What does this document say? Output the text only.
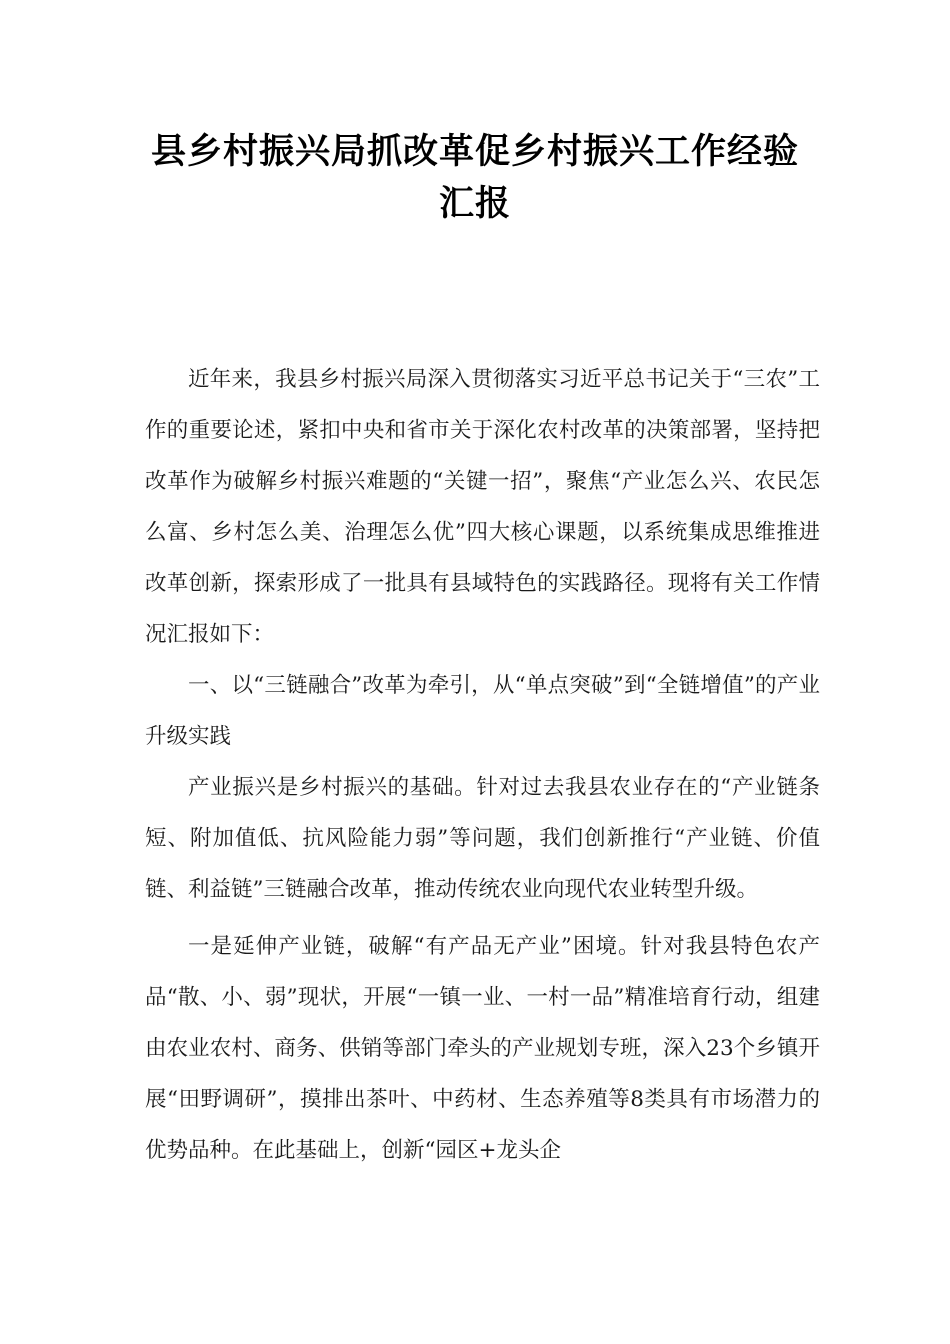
县乡村振兴局抓改革促乡村振兴工作经验
汇报

近年来，我县乡村振兴局深入贯彻落实习近平总书记关于“三农”工作的重要论述，紧扣中央和省市关于深化农村改革的决策部署，坚持把改革作为破解乡村振兴难题的“关键一招”，聚焦“产业怎么兴、农民怎么富、乡村怎么美、治理怎么优”四大核心课题，以系统集成思维推进改革创新，探索形成了一批具有县域特色的实践路径。现将有关工作情况汇报如下：

一、以“三链融合”改革为牵引，从“单点突破”到“全链增值”的产业升级实践

产业振兴是乡村振兴的基础。针对过去我县农业存在的“产业链条短、附加值低、抗风险能力弱”等问题，我们创新推行“产业链、价值链、利益链”三链融合改革，推动传统农业向现代农业转型升级。

一是延伸产业链，破解“有产品无产业”困境。针对我县特色农产品“散、小、弱”现状，开展“一镇一业、一村一品”精准培育行动，组建由农业农村、商务、供销等部门牵头的产业规划专班，深入23个乡镇开展“田野调研”，摸排出茶叶、中药材、生态养殖等8类具有市场潜力的优势品种。在此基础上，创新“园区+龙头企
